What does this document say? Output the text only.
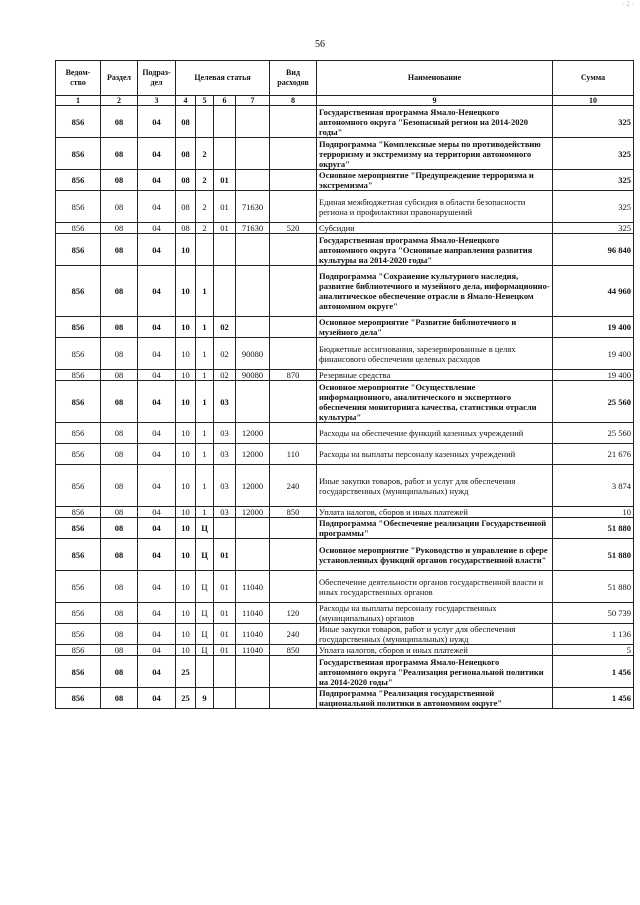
· 2 ·
56
Ведом-ство	Раздел	Подраз-дел	Целевая статья				Вид расходов	Наименование	Сумма
1	2	3	4	5	6	7	8	9	10
856	08	04	08					Государственная программа Ямало-Ненецкого автономного округа "Безопасный регион на 2014-2020 годы"	325
856	08	04	08	2				Подпрограмма "Комплексные меры по противодействию терроризму и экстремизму на территории автономного округа"	325
856	08	04	08	2	01			Основное мероприятие "Предупреждение терроризма и экстремизма"	325
856	08	04	08	2	01	71630		Единая межбюджетная субсидия в области безопасности региона и профилактики правонарушений	325
856	08	04	08	2	01	71630	520	Субсидии	325
856	08	04	10					Государственная программа Ямало-Ненецкого автономного округа "Основные направления развития культуры на 2014-2020 годы"	96 840
856	08	04	10	1				Подпрограмма "Сохранение культурного наследия, развитие библиотечного и музейного дела, информационно-аналитическое обеспечение отрасли в Ямало-Ненецком автономном округе"	44 960
856	08	04	10	1	02			Основное мероприятие "Развитие библиотечного и музейного дела"	19 400
856	08	04	10	1	02	90080		Бюджетные ассигнования, зарезервированные в целях финансового обеспечения целевых расходов	19 400
856	08	04	10	1	02	90080	870	Резервные средства	19 400
856	08	04	10	1	03			Основное мероприятие "Осуществление информационного, аналитического и экспертного обеспечения мониторинга качества, статистики отрасли культуры"	25 560
856	08	04	10	1	03	12000		Расходы на обеспечение функций казенных учреждений	25 560
856	08	04	10	1	03	12000	110	Расходы на выплаты персоналу казенных учреждений	21 676
856	08	04	10	1	03	12000	240	Иные закупки товаров, работ и услуг для обеспечения государственных (муниципальных) нужд	3 874
856	08	04	10	1	03	12000	850	Уплата налогов, сборов и иных платежей	10
856	08	04	10	Ц				Подпрограмма "Обеспечение реализации Государственной программы"	51 880
856	08	04	10	Ц	01			Основное мероприятие "Руководство и управление в сфере установленных функций органов государственной власти"	51 880
856	08	04	10	Ц	01	11040		Обеспечение деятельности органов государственной власти и иных государственных органов	51 880
856	08	04	10	Ц	01	11040	120	Расходы на выплаты персоналу государственных (муниципальных) органов	50 739
856	08	04	10	Ц	01	11040	240	Иные закупки товаров, работ и услуг для обеспечения государственных (муниципальных) нужд	1 136
856	08	04	10	Ц	01	11040	850	Уплата налогов, сборов и иных платежей	5
856	08	04	25					Государственная программа Ямало-Ненецкого автономного округа "Реализация региональной политики на 2014-2020 годы"	1 456
856	08	04	25	9				Подпрограмма "Реализация государственной национальной политики в автономном округе"	1 456
